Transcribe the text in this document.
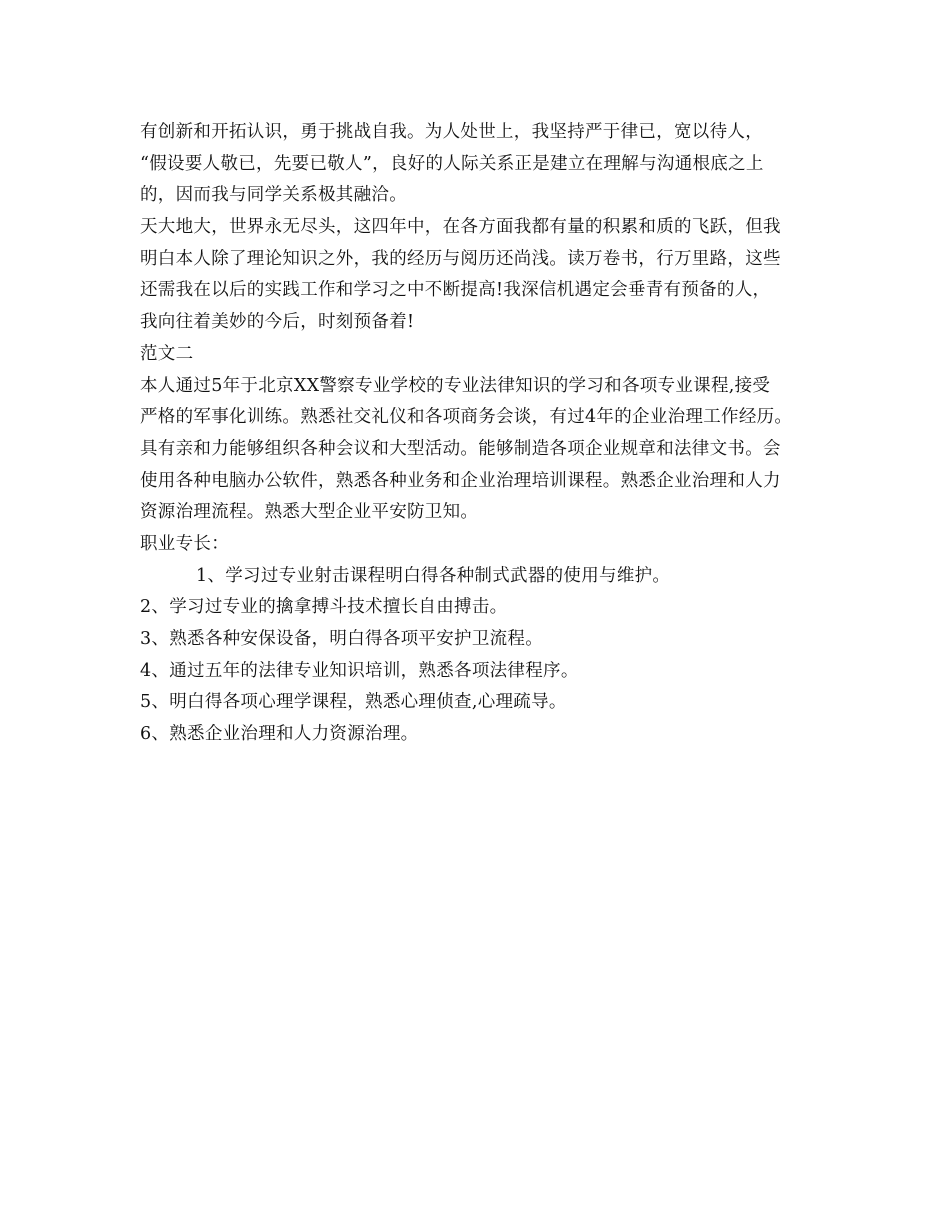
有创新和开拓认识，勇于挑战自我。为人处世上，我坚持严于律已，宽以待人，
“假设要人敬已，先要已敬人”，良好的人际关系正是建立在理解与沟通根底之上
的，因而我与同学关系极其融洽。
天大地大，世界永无尽头，这四年中，在各方面我都有量的积累和质的飞跃，但我
明白本人除了理论知识之外，我的经历与阅历还尚浅。读万卷书，行万里路，这些
还需我在以后的实践工作和学习之中不断提高!我深信机遇定会垂青有预备的人，
我向往着美妙的今后，时刻预备着!
范文二
本人通过5年于北京XX警察专业学校的专业法律知识的学习和各项专业课程,接受
严格的军事化训练。熟悉社交礼仪和各项商务会谈，有过4年的企业治理工作经历。
具有亲和力能够组织各种会议和大型活动。能够制造各项企业规章和法律文书。会
使用各种电脑办公软件，熟悉各种业务和企业治理培训课程。熟悉企业治理和人力
资源治理流程。熟悉大型企业平安防卫知。
职业专长：
1、学习过专业射击课程明白得各种制式武器的使用与维护。
2、学习过专业的擒拿搏斗技术擅长自由搏击。
3、熟悉各种安保设备，明白得各项平安护卫流程。
4、通过五年的法律专业知识培训，熟悉各项法律程序。
5、明白得各项心理学课程，熟悉心理侦查,心理疏导。
6、熟悉企业治理和人力资源治理。
